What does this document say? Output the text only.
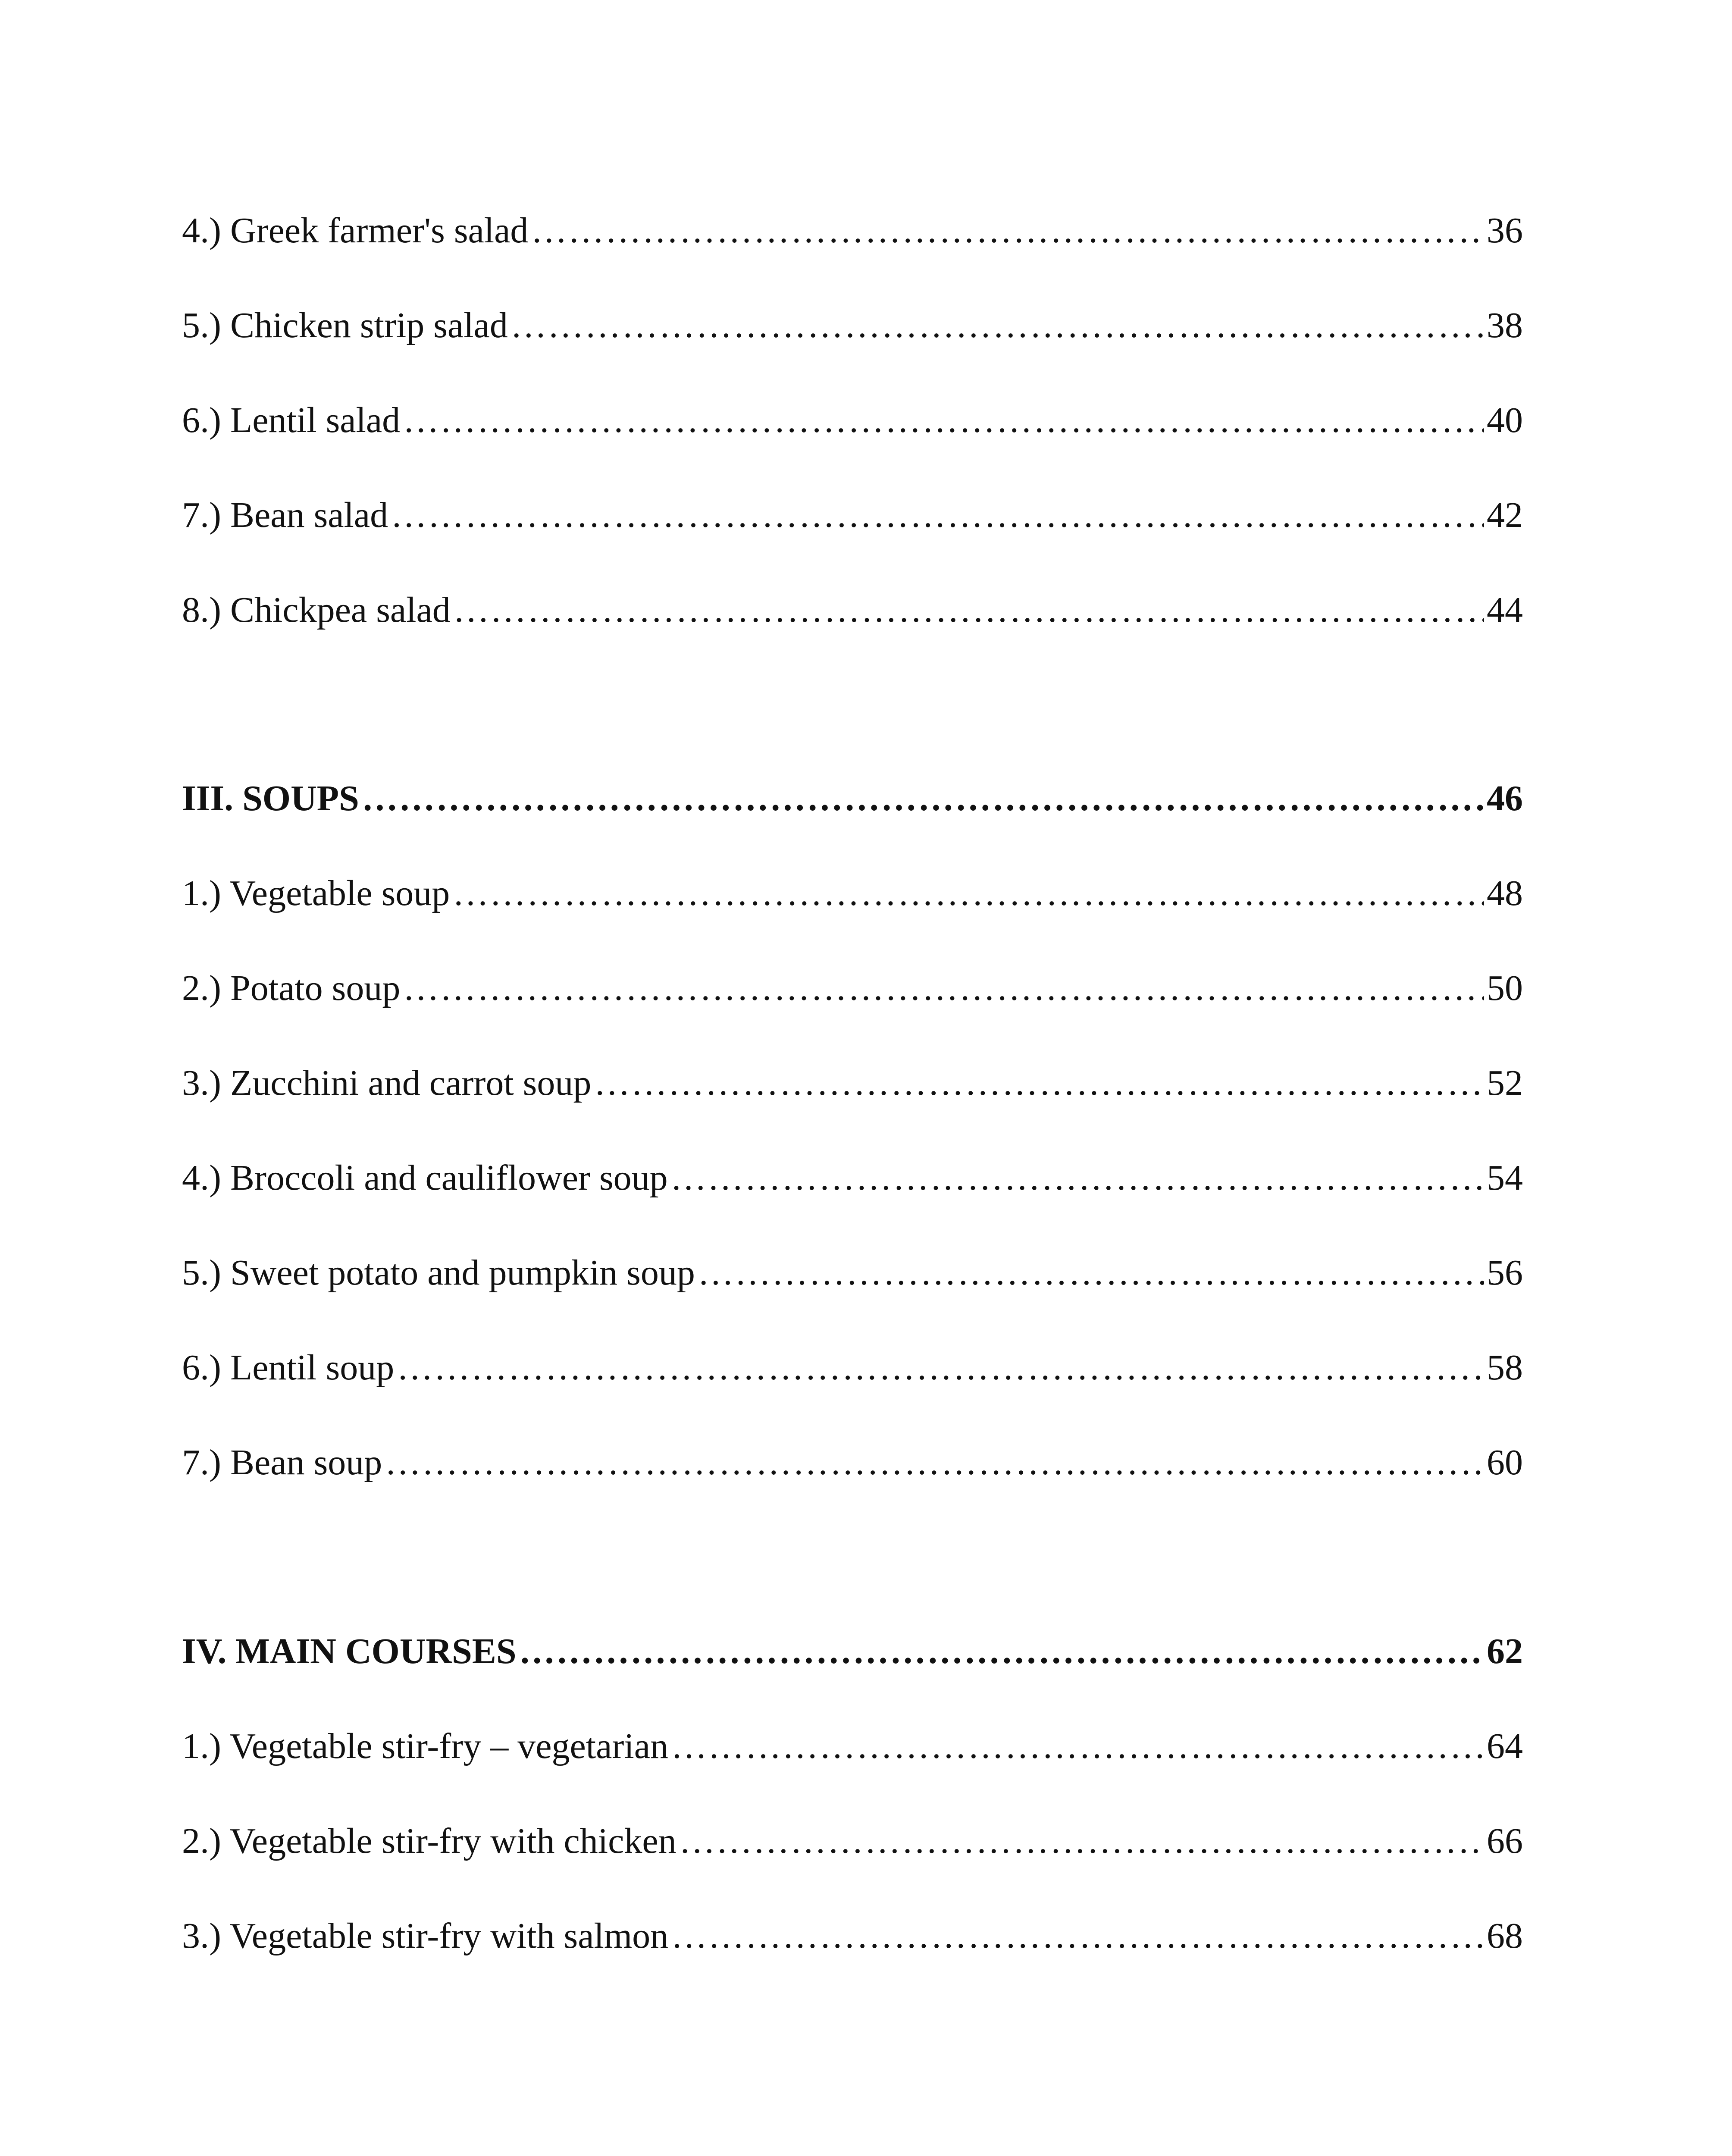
4.) Greek farmer's salad …………………………………………………………………………………………………………………………………………………………………………………………………………………………………………………………………………………………………………………………	36
5.) Chicken strip salad …………………………………………………………………………………………………………………………………………………………………………………………………………………………………………………………………………………………………………………………	38
6.) Lentil salad …………………………………………………………………………………………………………………………………………………………………………………………………………………………………………………………………………………………………………………………	40
7.) Bean salad …………………………………………………………………………………………………………………………………………………………………………………………………………………………………………………………………………………………………………………………	42
8.) Chickpea salad …………………………………………………………………………………………………………………………………………………………………………………………………………………………………………………………………………………………………………………………	44
III. SOUPS …………………………………………………………………………………………………………………………………………………………………………………………………………………………………………………………………………………………………………………………	46
1.) Vegetable soup …………………………………………………………………………………………………………………………………………………………………………………………………………………………………………………………………………………………………………………………	48
2.) Potato soup …………………………………………………………………………………………………………………………………………………………………………………………………………………………………………………………………………………………………………………………	50
3.) Zucchini and carrot soup …………………………………………………………………………………………………………………………………………………………………………………………………………………………………………………………………………………………………………………………	52
4.) Broccoli and cauliflower soup …………………………………………………………………………………………………………………………………………………………………………………………………………………………………………………………………………………………………………………………	54
5.) Sweet potato and pumpkin soup …………………………………………………………………………………………………………………………………………………………………………………………………………………………………………………………………………………………………………………………	56
6.) Lentil soup …………………………………………………………………………………………………………………………………………………………………………………………………………………………………………………………………………………………………………………………	58
7.) Bean soup …………………………………………………………………………………………………………………………………………………………………………………………………………………………………………………………………………………………………………………………	60
IV. MAIN COURSES …………………………………………………………………………………………………………………………………………………………………………………………………………………………………………………………………………………………………………………………	62
1.) Vegetable stir-fry – vegetarian …………………………………………………………………………………………………………………………………………………………………………………………………………………………………………………………………………………………………………………………	64
2.) Vegetable stir-fry with chicken …………………………………………………………………………………………………………………………………………………………………………………………………………………………………………………………………………………………………………………………	66
3.) Vegetable stir-fry with salmon …………………………………………………………………………………………………………………………………………………………………………………………………………………………………………………………………………………………………………………………	68
